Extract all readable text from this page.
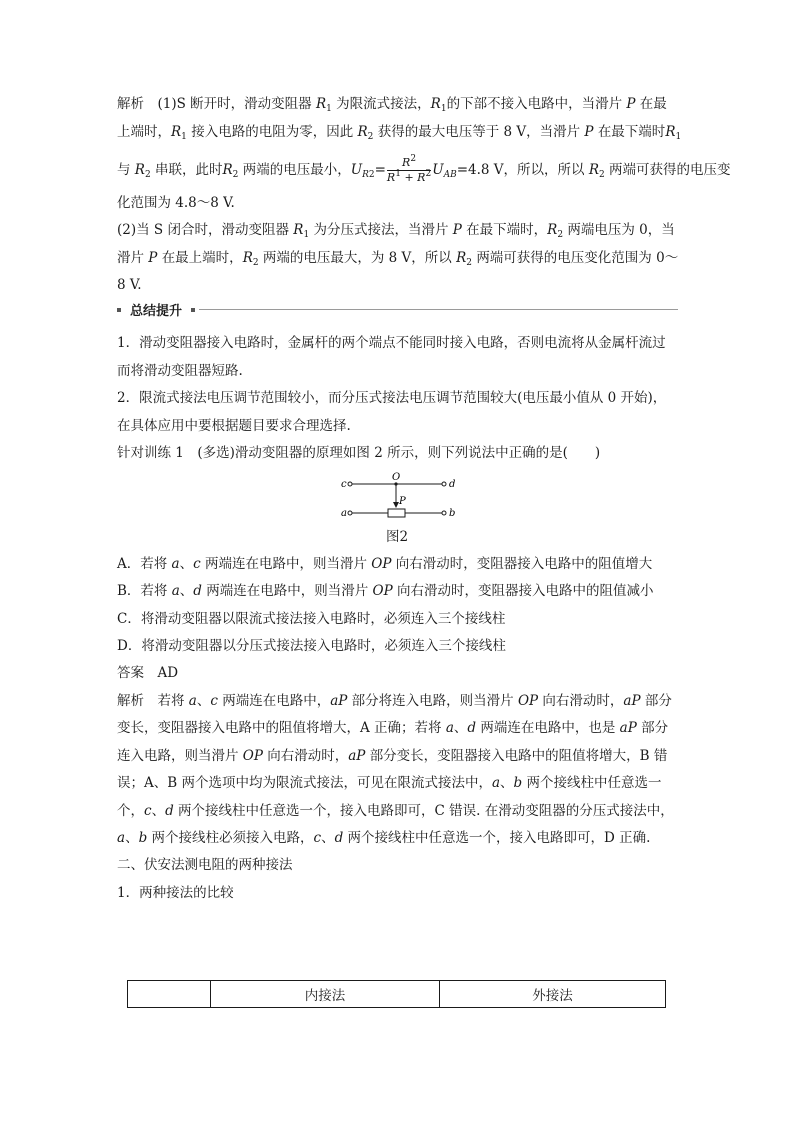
解析　 (1)S 断开时，滑动变阻器 $R_1$ 为限流式接法，$R_1$的下部不接入电路中，当滑片 P 在最
上端时，$R_1$ 接入电路的电阻为零，因此 $R_2$ 获得的最大电压等于 8 V，当滑片 P 在最下端时$R_1$
与 $R_2$ 串联，此时$R_2$ 两端的电压最小，$U_{R2}= \frac{R^2}{R^1 + R^2} U_{AB}=4.8$ V，所以，所以 $R_2$ 两端可获得的电压变
化范围为 4.8～8 V.
(2)当 S 闭合时，滑动变阻器 $R_1$ 为分压式接法，当滑片 P 在最下端时，$R_2$ 两端电压为 0，当
滑片 P 在最上端时，$R_2$ 两端的电压最大，为 8 V，所以 $R_2$ 两端可获得的电压变化范围为 0～
8 V.
总结提升
1．滑动变阻器接入电路时，金属杆的两个端点不能同时接入电路，否则电流将从金属杆流过
而将滑动变阻器短路.
2．限流式接法电压调节范围较小，而分压式接法电压调节范围较大(电压最小值从 0 开始)，
在具体应用中要根据题目要求合理选择.
针对训练 1　(多选)滑动变阻器的原理如图 2 所示，则下列说法中正确的是(　　)
c	d
O
P
a	b
图2
A．若将 a、c 两端连在电路中，则当滑片 OP 向右滑动时，变阻器接入电路中的阻值增大
B．若将 a、d 两端连在电路中，则当滑片 OP 向右滑动时，变阻器接入电路中的阻值减小
C．将滑动变阻器以限流式接法接入电路时，必须连入三个接线柱
D．将滑动变阻器以分压式接法接入电路时，必须连入三个接线柱
答案　 AD
解析　 若将 a、c 两端连在电路中，aP 部分将连入电路，则当滑片 OP 向右滑动时，aP 部分
变长，变阻器接入电路中的阻值将增大，A 正确；若将 a、d 两端连在电路中，也是 aP 部分
连入电路，则当滑片 OP 向右滑动时，aP 部分变长，变阻器接入电路中的阻值将增大，B 错
误；A、B 两个选项中均为限流式接法，可见在限流式接法中，a、b 两个接线柱中任意选一
个，c、d 两个接线柱中任意选一个，接入电路即可，C 错误. 在滑动变阻器的分压式接法中，
a、b 两个接线柱必须接入电路，c、d 两个接线柱中任意选一个，接入电路即可，D 正确.
二、伏安法测电阻的两种接法
1．两种接法的比较
	内接法	外接法
